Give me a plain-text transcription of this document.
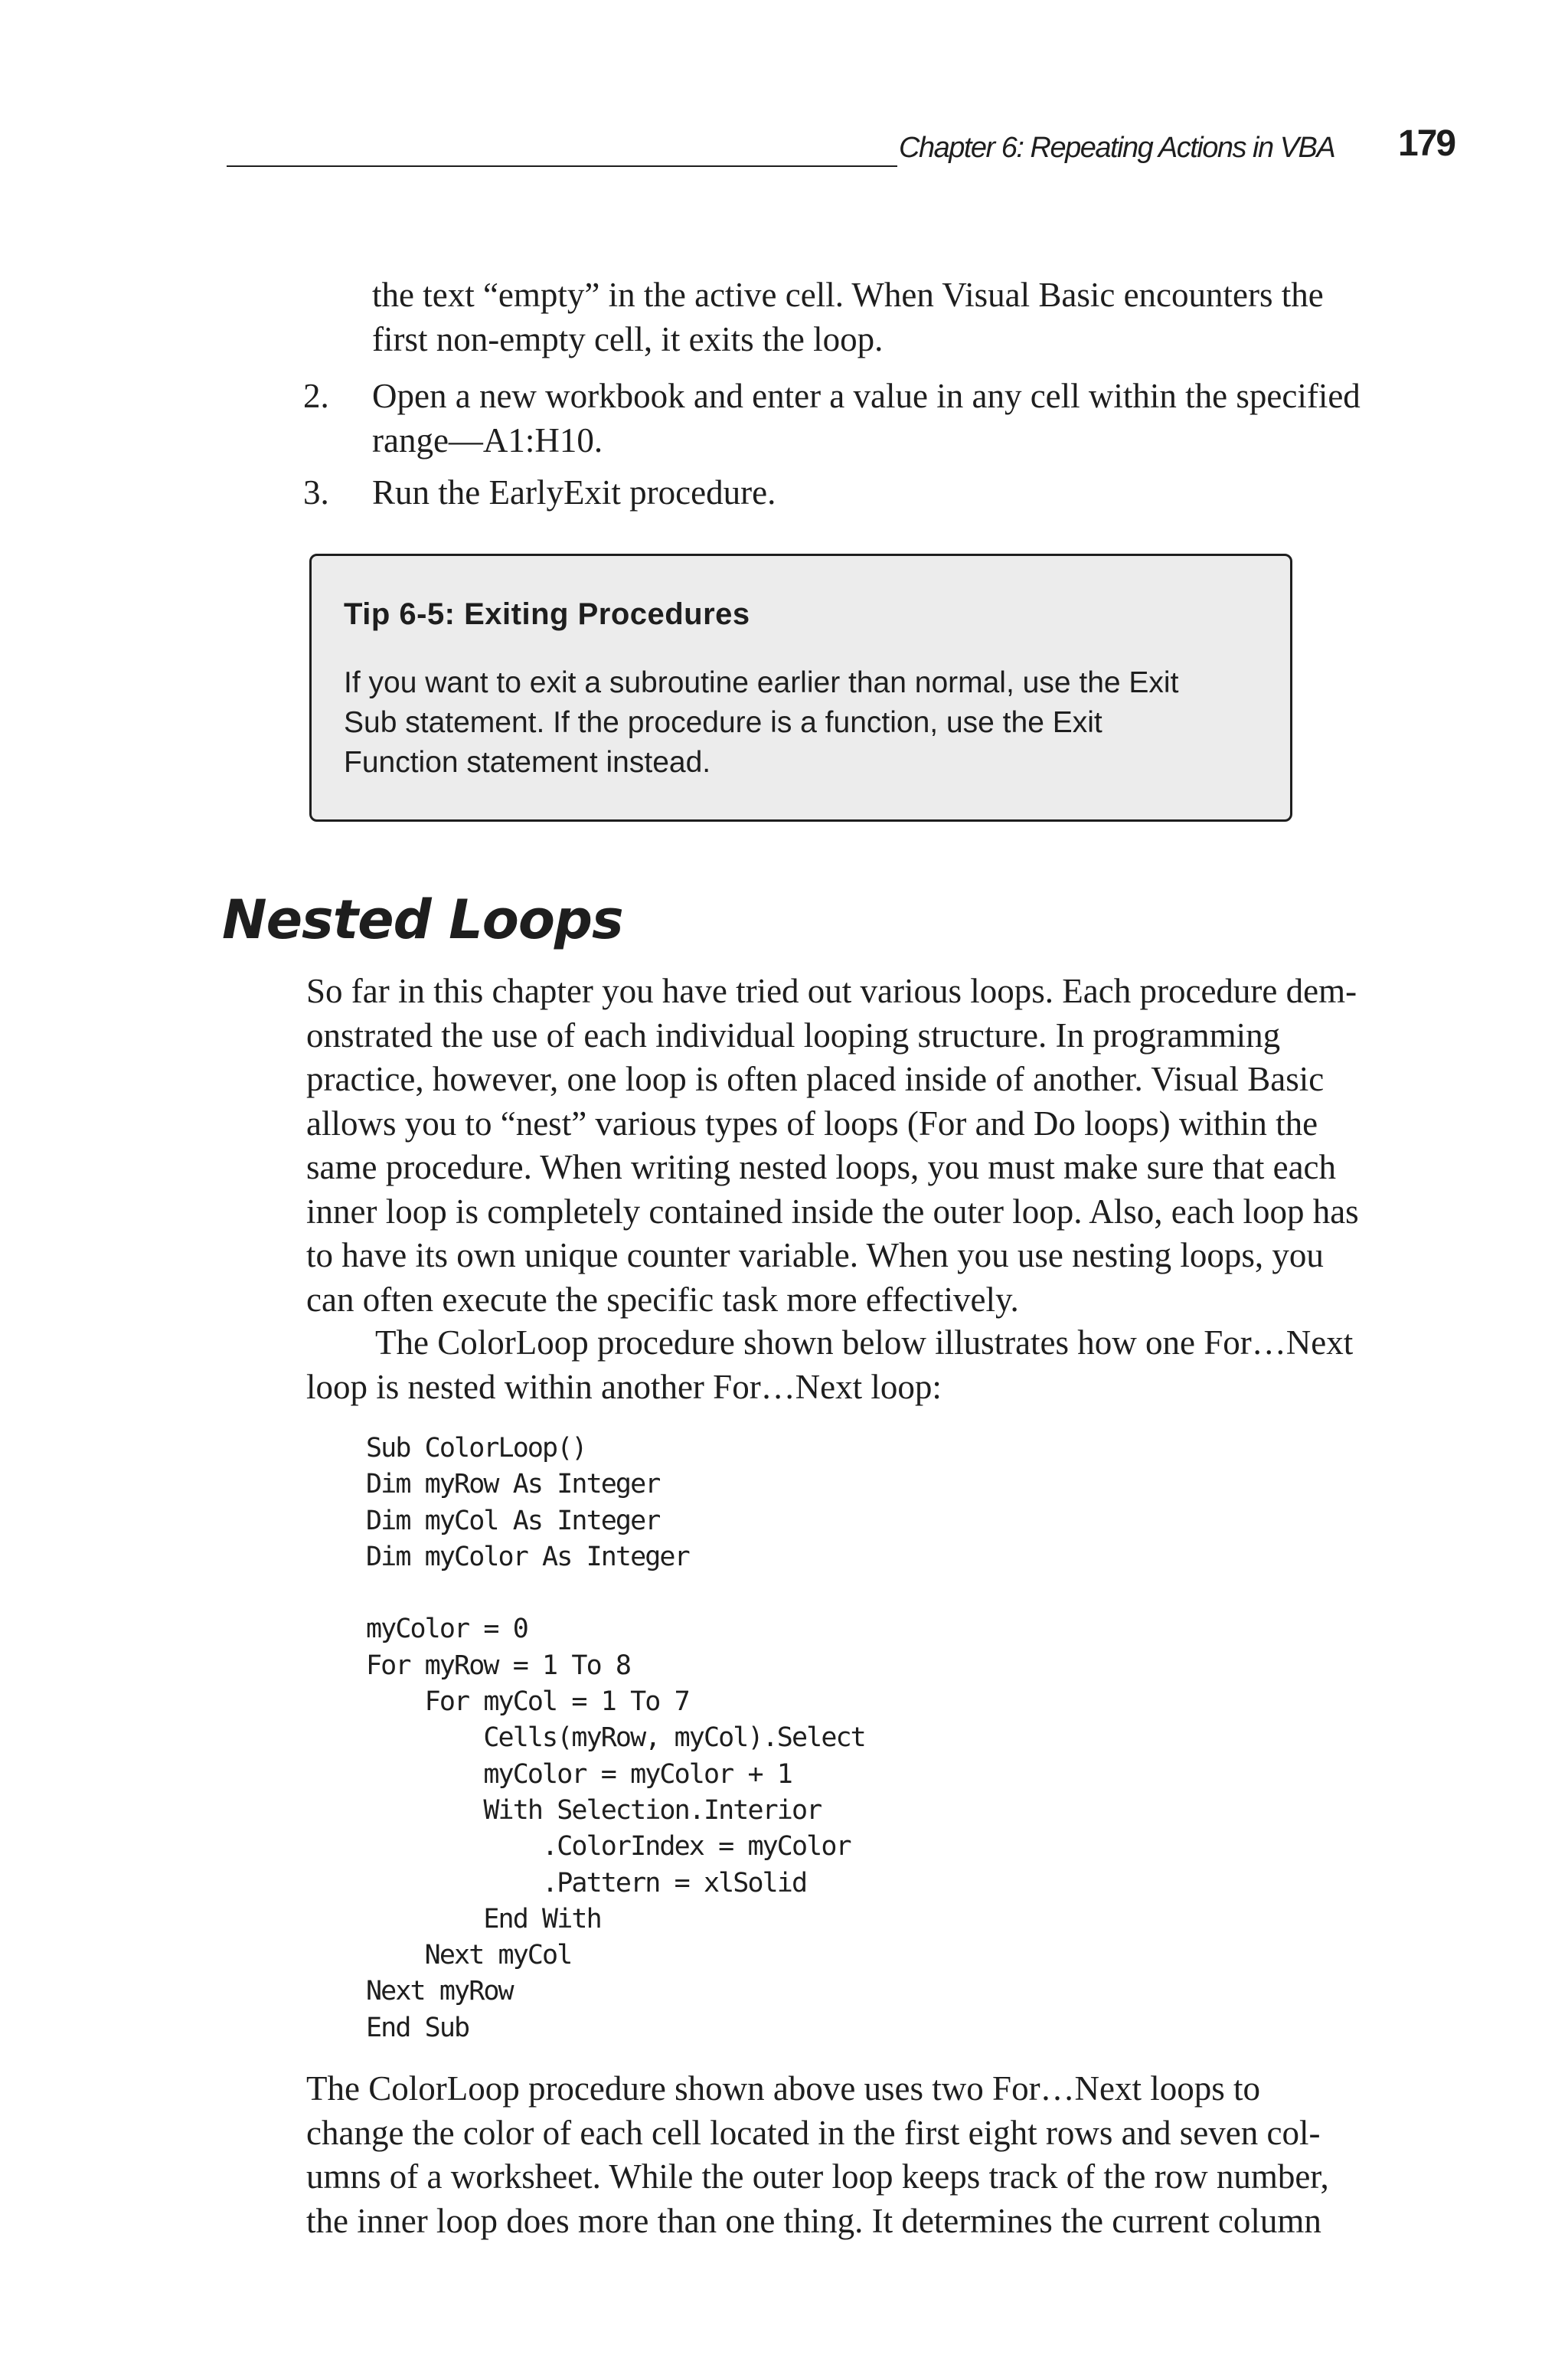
Chapter 6: Repeating Actions in VBA 179
the text “empty” in the active cell. When Visual Basic encounters the
first non-empty cell, it exits the loop.
2. Open a new workbook and enter a value in any cell within the specified
range—A1:H10.
3. Run the EarlyExit procedure.
Tip 6-5: Exiting Procedures
If you want to exit a subroutine earlier than normal, use the Exit
Sub statement. If the procedure is a function, use the Exit
Function statement instead.
Nested Loops
So far in this chapter you have tried out various loops. Each procedure dem-
onstrated the use of each individual looping structure. In programming
practice, however, one loop is often placed inside of another. Visual Basic
allows you to “nest” various types of loops (For and Do loops) within the
same procedure. When writing nested loops, you must make sure that each
inner loop is completely contained inside the outer loop. Also, each loop has
to have its own unique counter variable. When you use nesting loops, you
can often execute the specific task more effectively.
The ColorLoop procedure shown below illustrates how one For…Next
loop is nested within another For…Next loop:
Sub ColorLoop()
Dim myRow As Integer
Dim myCol As Integer
Dim myColor As Integer

myColor = 0
For myRow = 1 To 8
For myCol = 1 To 7
Cells(myRow, myCol).Select
myColor = myColor + 1
With Selection.Interior
.ColorIndex = myColor
.Pattern = xlSolid
End With
Next myCol
Next myRow
End Sub
The ColorLoop procedure shown above uses two For…Next loops to
change the color of each cell located in the first eight rows and seven col-
umns of a worksheet. While the outer loop keeps track of the row number,
the inner loop does more than one thing. It determines the current column
